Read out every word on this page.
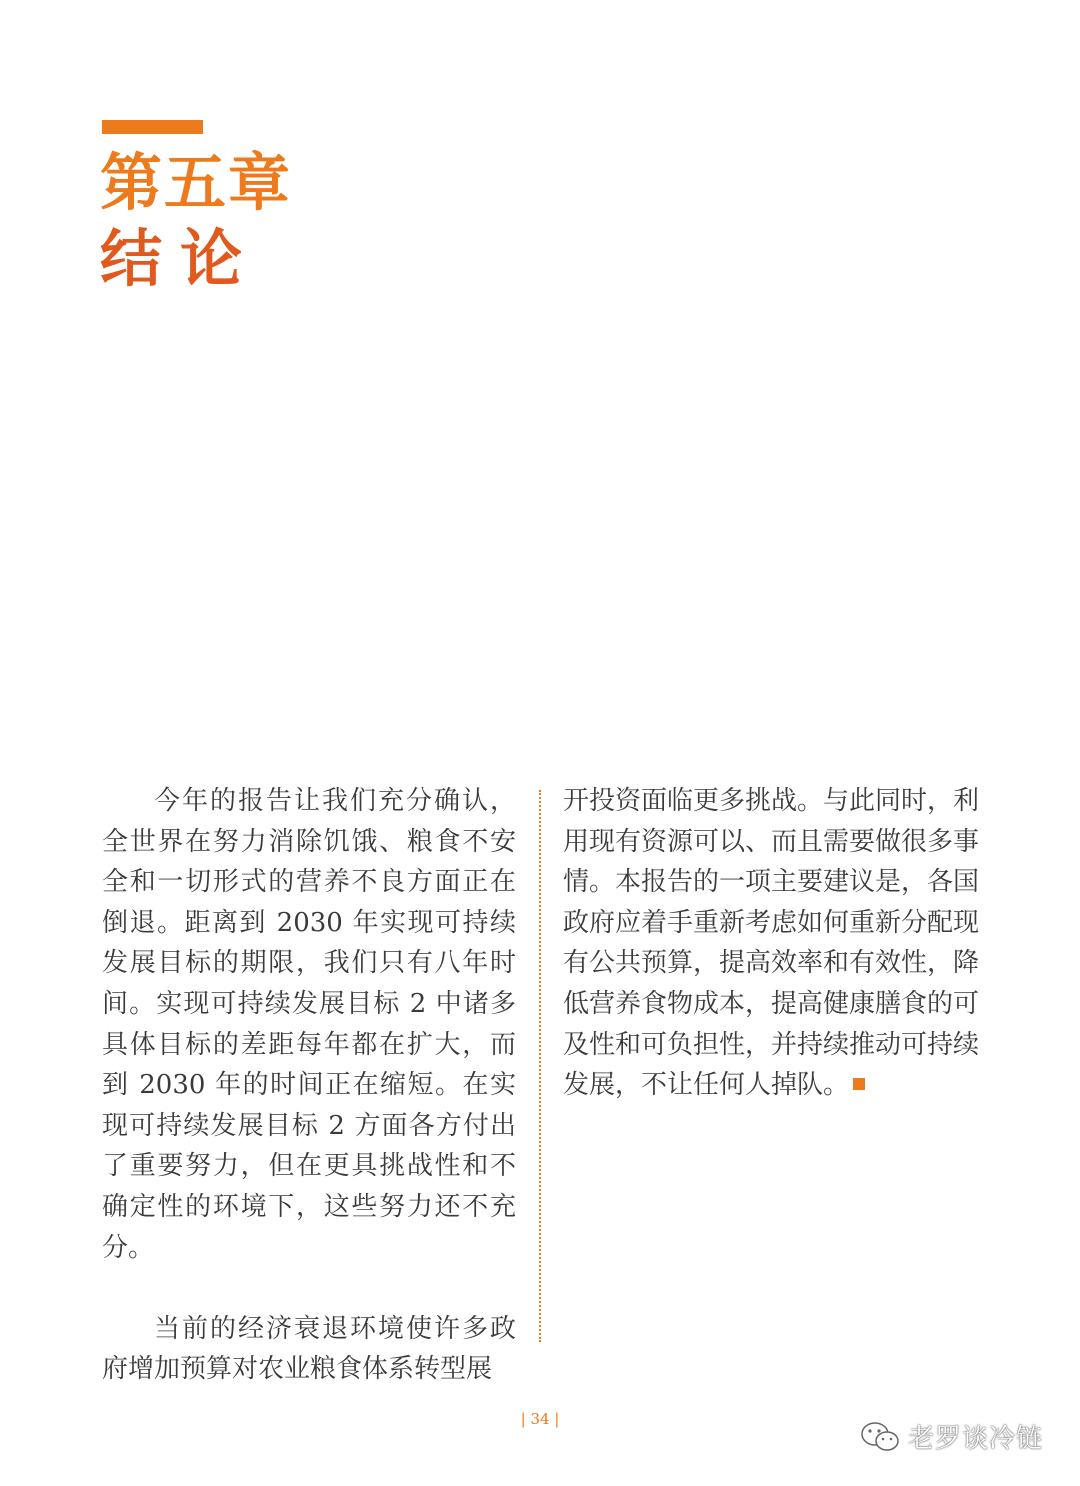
第五章
结论

今年的报告让我们充分确认，全世界在努力消除饥饿、粮食不安全和一切形式的营养不良方面正在倒退。距离到 2030 年实现可持续发展目标的期限，我们只有八年时间。实现可持续发展目标 2 中诸多具体目标的差距每年都在扩大，而到 2030 年的时间正在缩短。在实现可持续发展目标 2 方面各方付出了重要努力，但在更具挑战性和不确定性的环境下，这些努力还不充分。

当前的经济衰退环境使许多政府增加预算对农业粮食体系转型展

开投资面临更多挑战。与此同时，利用现有资源可以、而且需要做很多事情。本报告的一项主要建议是，各国政府应着手重新考虑如何重新分配现有公共预算，提高效率和有效性，降低营养食物成本，提高健康膳食的可及性和可负担性，并持续推动可持续发展，不让任何人掉队。

| 34 |
老罗谈冷链
